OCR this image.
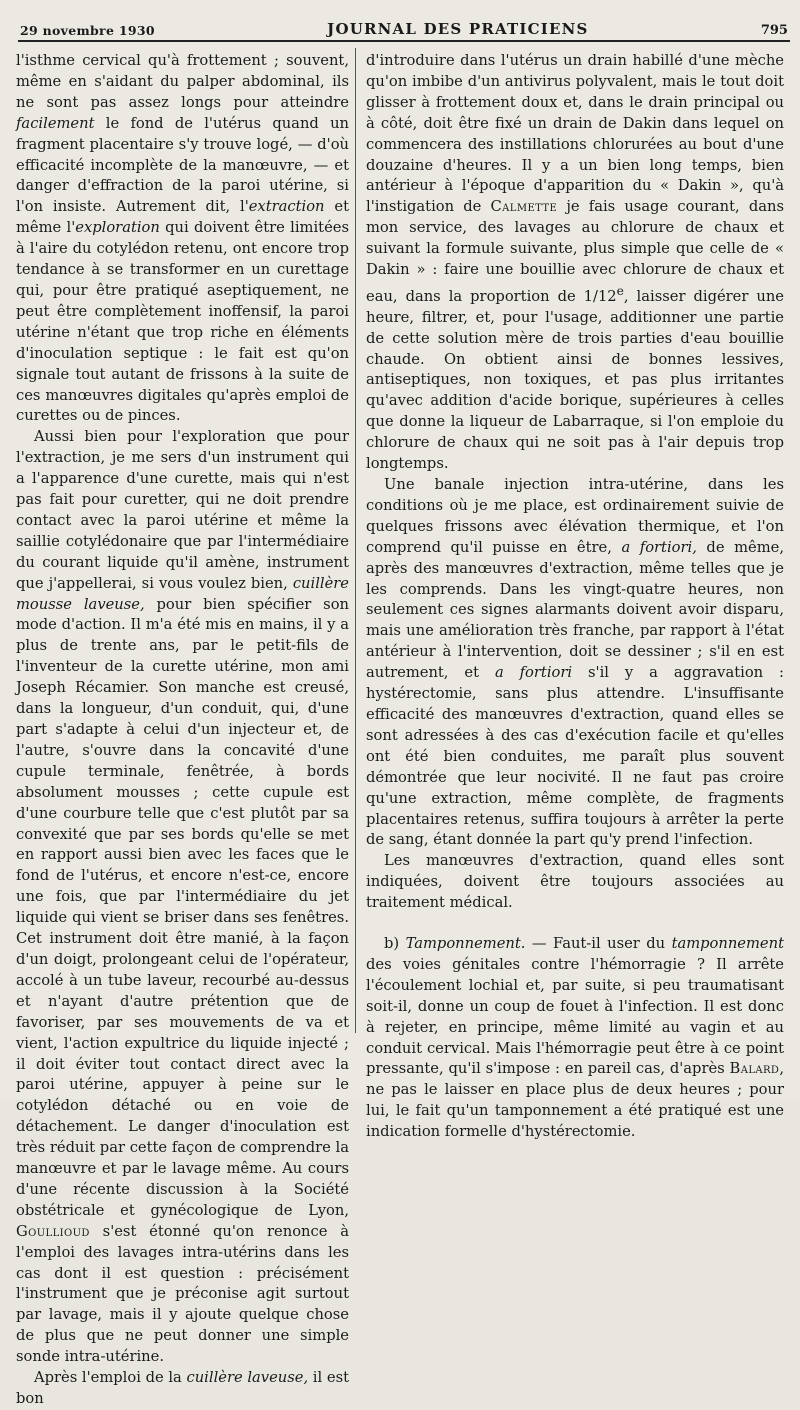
29 novembre 1930	JOURNAL DES PRATICIENS	795

l'isthme cervical qu'à frottement ; souvent, même en s'aidant du palper abdominal, ils ne sont pas assez longs pour atteindre facilement le fond de l'utérus quand un fragment placentaire s'y trouve logé, — d'où efficacité incomplète de la manœuvre, — et danger d'effraction de la paroi utérine, si l'on insiste. Autrement dit, l'extraction et même l'exploration qui doivent être limitées à l'aire du cotylédon retenu, ont encore trop tendance à se transformer en un curettage qui, pour être pratiqué aseptiquement, ne peut être complètement inoffensif, la paroi utérine n'étant que trop riche en éléments d'inoculation septique : le fait est qu'on signale tout autant de frissons à la suite de ces manœuvres digitales qu'après emploi de curettes ou de pinces.

Aussi bien pour l'exploration que pour l'extraction, je me sers d'un instrument qui a l'apparence d'une curette, mais qui n'est pas fait pour curetter, qui ne doit prendre contact avec la paroi utérine et même la saillie cotylédonaire que par l'intermédiaire du courant liquide qu'il amène, instrument que j'appellerai, si vous voulez bien, cuillère mousse laveuse, pour bien spécifier son mode d'action. Il m'a été mis en mains, il y a plus de trente ans, par le petit-fils de l'inventeur de la curette utérine, mon ami Joseph Récamier. Son manche est creusé, dans la longueur, d'un conduit, qui, d'une part s'adapte à celui d'un injecteur et, de l'autre, s'ouvre dans la concavité d'une cupule terminale, fenêtrée, à bords absolument mousses ; cette cupule est d'une courbure telle que c'est plutôt par sa convexité que par ses bords qu'elle se met en rapport aussi bien avec les faces que le fond de l'utérus, et encore n'est-ce, encore une fois, que par l'intermédiaire du jet liquide qui vient se briser dans ses fenêtres. Cet instrument doit être manié, à la façon d'un doigt, prolongeant celui de l'opérateur, accolé à un tube laveur, recourbé au-dessus et n'ayant d'autre prétention que de favoriser, par ses mouvements de va et vient, l'action expultrice du liquide injecté ; il doit éviter tout contact direct avec la paroi utérine, appuyer à peine sur le cotylédon détaché ou en voie de détachement. Le danger d'inoculation est très réduit par cette façon de comprendre la manœuvre et par le lavage même. Au cours d'une récente discussion à la Société obstétricale et gynécologique de Lyon, Goullioud s'est étonné qu'on renonce à l'emploi des lavages intra-utérins dans les cas dont il est question : précisément l'instrument que je préconise agit surtout par lavage, mais il y ajoute quelque chose de plus que ne peut donner une simple sonde intra-utérine.

Après l'emploi de la cuillère laveuse, il est bon

d'introduire dans l'utérus un drain habillé d'une mèche qu'on imbibe d'un antivirus polyvalent, mais le tout doit glisser à frottement doux et, dans le drain principal ou à côté, doit être fixé un drain de Dakin dans lequel on commencera des instillations chlorurées au bout d'une douzaine d'heures. Il y a un bien long temps, bien antérieur à l'époque d'apparition du « Dakin », qu'à l'instigation de Calmette je fais usage courant, dans mon service, des lavages au chlorure de chaux et suivant la formule suivante, plus simple que celle de « Dakin » : faire une bouillie avec chlorure de chaux et eau, dans la proportion de 1/12e, laisser digérer une heure, filtrer, et, pour l'usage, additionner une partie de cette solution mère de trois parties d'eau bouillie chaude. On obtient ainsi de bonnes lessives, antiseptiques, non toxiques, et pas plus irritantes qu'avec addition d'acide borique, supérieures à celles que donne la liqueur de Labarraque, si l'on emploie du chlorure de chaux qui ne soit pas à l'air depuis trop longtemps.

Une banale injection intra-utérine, dans les conditions où je me place, est ordinairement suivie de quelques frissons avec élévation thermique, et l'on comprend qu'il puisse en être, a fortiori, de même, après des manœuvres d'extraction, même telles que je les comprends. Dans les vingt-quatre heures, non seulement ces signes alarmants doivent avoir disparu, mais une amélioration très franche, par rapport à l'état antérieur à l'intervention, doit se dessiner ; s'il en est autrement, et a fortiori s'il y a aggravation : hystérectomie, sans plus attendre. L'insuffisante efficacité des manœuvres d'extraction, quand elles se sont adressées à des cas d'exécution facile et qu'elles ont été bien conduites, me paraît plus souvent démontrée que leur nocivité. Il ne faut pas croire qu'une extraction, même complète, de fragments placentaires retenus, suffira toujours à arrêter la perte de sang, étant donnée la part qu'y prend l'infection.

Les manœuvres d'extraction, quand elles sont indiquées, doivent être toujours associées au traitement médical.

b) Tamponnement. — Faut-il user du tamponnement des voies génitales contre l'hémorragie ? Il arrête l'écoulement lochial et, par suite, si peu traumatisant soit-il, donne un coup de fouet à l'infection. Il est donc à rejeter, en principe, même limité au vagin et au conduit cervical. Mais l'hémorragie peut être à ce point pressante, qu'il s'impose : en pareil cas, d'après Balard, ne pas le laisser en place plus de deux heures ; pour lui, le fait qu'un tamponnement a été pratiqué est une indication formelle d'hystérectomie.
